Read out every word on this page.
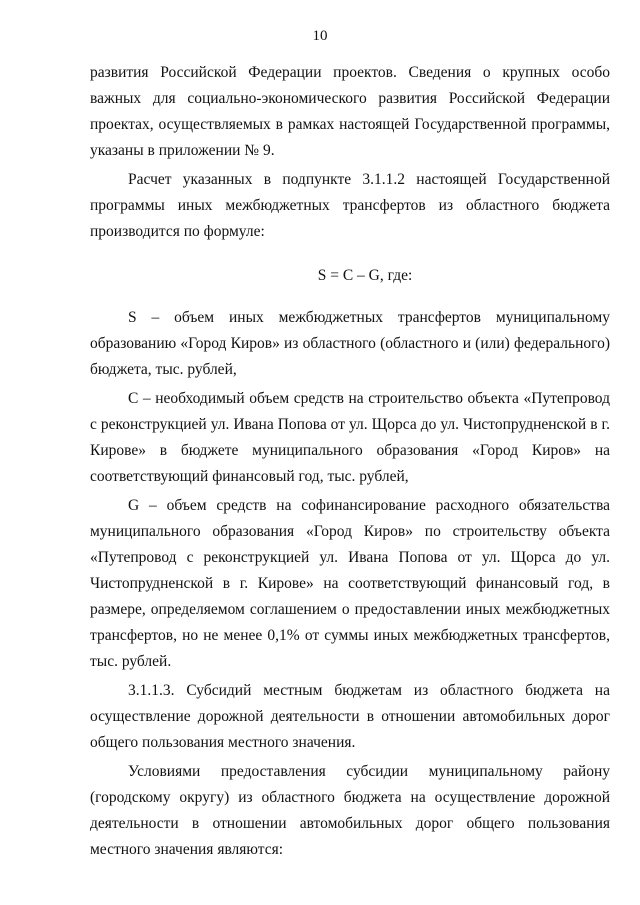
10

развития Российской Федерации проектов. Сведения о крупных особо важных для социально-экономического развития Российской Федерации проектах, осуществляемых в рамках настоящей Государственной программы, указаны в приложении № 9.

Расчет указанных в подпункте 3.1.1.2 настоящей Государственной программы иных межбюджетных трансфертов из областного бюджета производится по формуле:

S = C – G, где:

S – объем иных межбюджетных трансфертов муниципальному образованию «Город Киров» из областного (областного и (или) федерального) бюджета, тыс. рублей,

C – необходимый объем средств на строительство объекта «Путепровод с реконструкцией ул. Ивана Попова от ул. Щорса до ул. Чистопрудненской в г. Кирове» в бюджете муниципального образования «Город Киров» на соответствующий финансовый год, тыс. рублей,

G – объем средств на софинансирование расходного обязательства муниципального образования «Город Киров» по строительству объекта «Путепровод с реконструкцией ул. Ивана Попова от ул. Щорса до ул. Чистопрудненской в г. Кирове» на соответствующий финансовый год, в размере, определяемом соглашением о предоставлении иных межбюджетных трансфертов, но не менее 0,1% от суммы иных межбюджетных трансфертов, тыс. рублей.

3.1.1.3. Субсидий местным бюджетам из областного бюджета на осуществление дорожной деятельности в отношении автомобильных дорог общего пользования местного значения.

Условиями предоставления субсидии муниципальному району (городскому округу) из областного бюджета на осуществление дорожной деятельности в отношении автомобильных дорог общего пользования местного значения являются:
